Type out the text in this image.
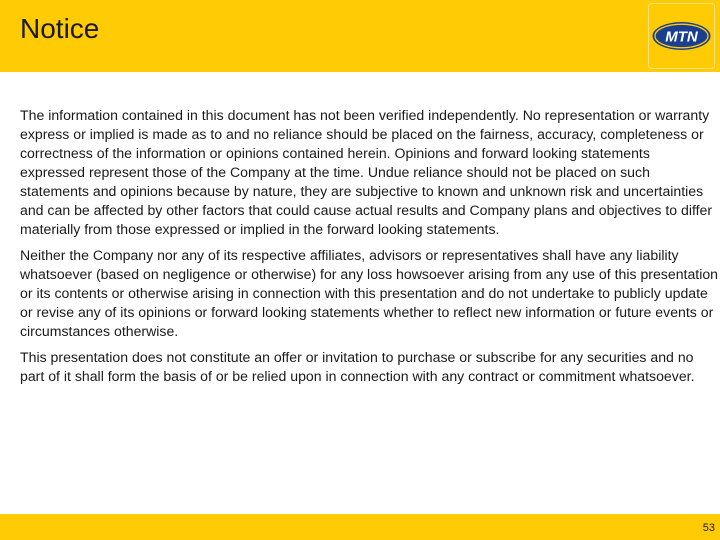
Notice	MTN

The information contained in this document has not been verified independently. No representation or warranty express or implied is made as to and no reliance should be placed on the fairness, accuracy, completeness or correctness of the information or opinions contained herein. Opinions and forward looking statements expressed represent those of the Company at the time. Undue reliance should not be placed on such statements and opinions because by nature, they are subjective to known and unknown risk and uncertainties and can be affected by other factors that could cause actual results and Company plans and objectives to differ materially from those expressed or implied in the forward looking statements.

Neither the Company nor any of its respective affiliates, advisors or representatives shall have any liability whatsoever (based on negligence or otherwise) for any loss howsoever arising from any use of this presentation or its contents or otherwise arising in connection with this presentation and do not undertake to publicly update or revise any of its opinions or forward looking statements whether to reflect new information or future events or circumstances otherwise.

This presentation does not constitute an offer or invitation to purchase or subscribe for any securities and no part of it shall form the basis of or be relied upon in connection with any contract or commitment whatsoever.

53
